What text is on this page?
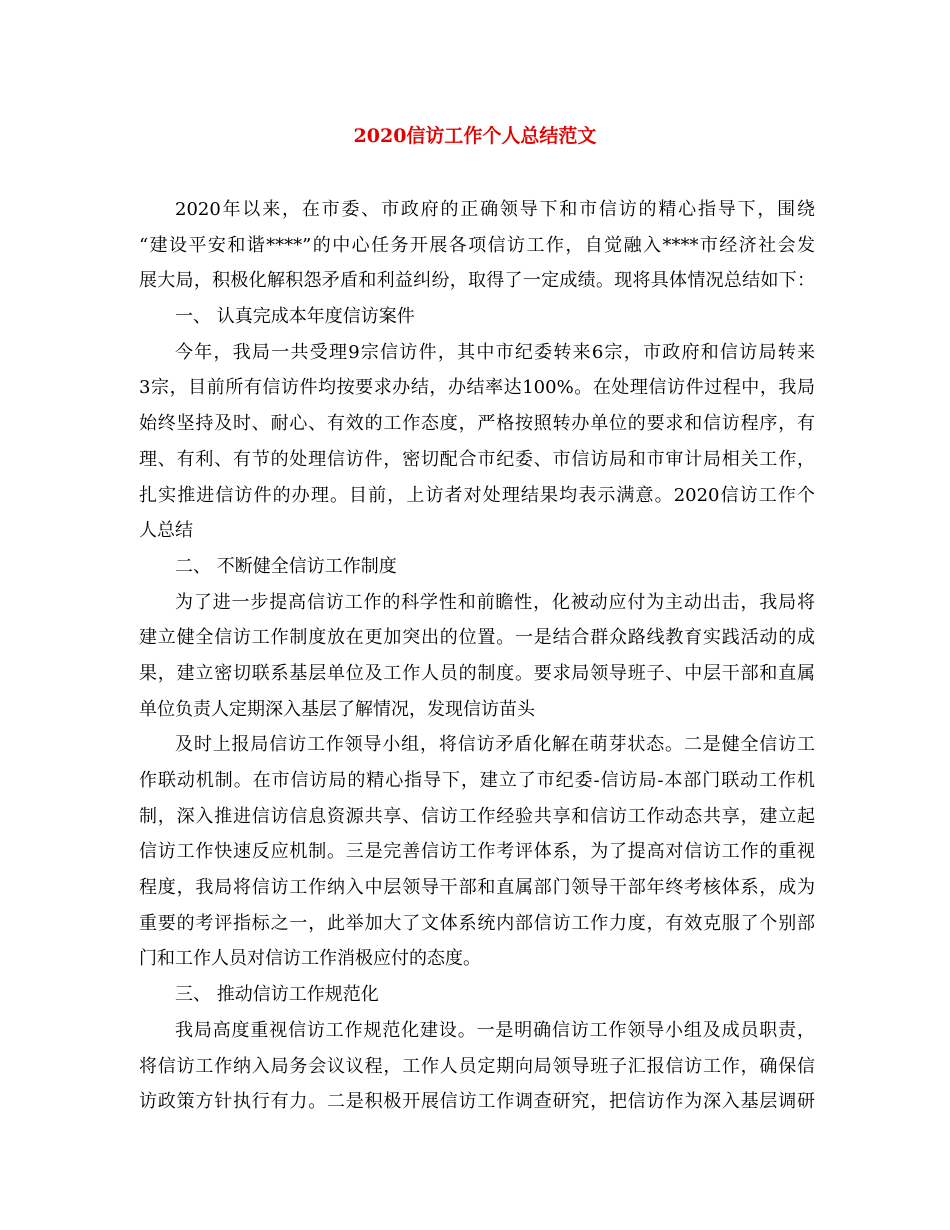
2020信访工作个人总结范文
2020年以来，在市委、市政府的正确领导下和市信访的精心指导下，围绕
“建设平安和谐****”的中心任务开展各项信访工作，自觉融入****市经济社会发
展大局，积极化解积怨矛盾和利益纠纷，取得了一定成绩。现将具体情况总结如下：
一、 认真完成本年度信访案件
今年，我局一共受理9宗信访件，其中市纪委转来6宗，市政府和信访局转来
3宗，目前所有信访件均按要求办结，办结率达100%。在处理信访件过程中，我局
始终坚持及时、耐心、有效的工作态度，严格按照转办单位的要求和信访程序，有
理、有利、有节的处理信访件，密切配合市纪委、市信访局和市审计局相关工作，
扎实推进信访件的办理。目前，上访者对处理结果均表示满意。2020信访工作个
人总结
二、 不断健全信访工作制度
为了进一步提高信访工作的科学性和前瞻性，化被动应付为主动出击，我局将
建立健全信访工作制度放在更加突出的位置。一是结合群众路线教育实践活动的成
果，建立密切联系基层单位及工作人员的制度。要求局领导班子、中层干部和直属
单位负责人定期深入基层了解情况，发现信访苗头
及时上报局信访工作领导小组，将信访矛盾化解在萌芽状态。二是健全信访工
作联动机制。在市信访局的精心指导下，建立了市纪委-信访局-本部门联动工作机
制，深入推进信访信息资源共享、信访工作经验共享和信访工作动态共享，建立起
信访工作快速反应机制。三是完善信访工作考评体系，为了提高对信访工作的重视
程度，我局将信访工作纳入中层领导干部和直属部门领导干部年终考核体系，成为
重要的考评指标之一，此举加大了文体系统内部信访工作力度，有效克服了个别部
门和工作人员对信访工作消极应付的态度。
三、 推动信访工作规范化
我局高度重视信访工作规范化建设。一是明确信访工作领导小组及成员职责，
将信访工作纳入局务会议议程，工作人员定期向局领导班子汇报信访工作，确保信
访政策方针执行有力。二是积极开展信访工作调查研究，把信访作为深入基层调研
